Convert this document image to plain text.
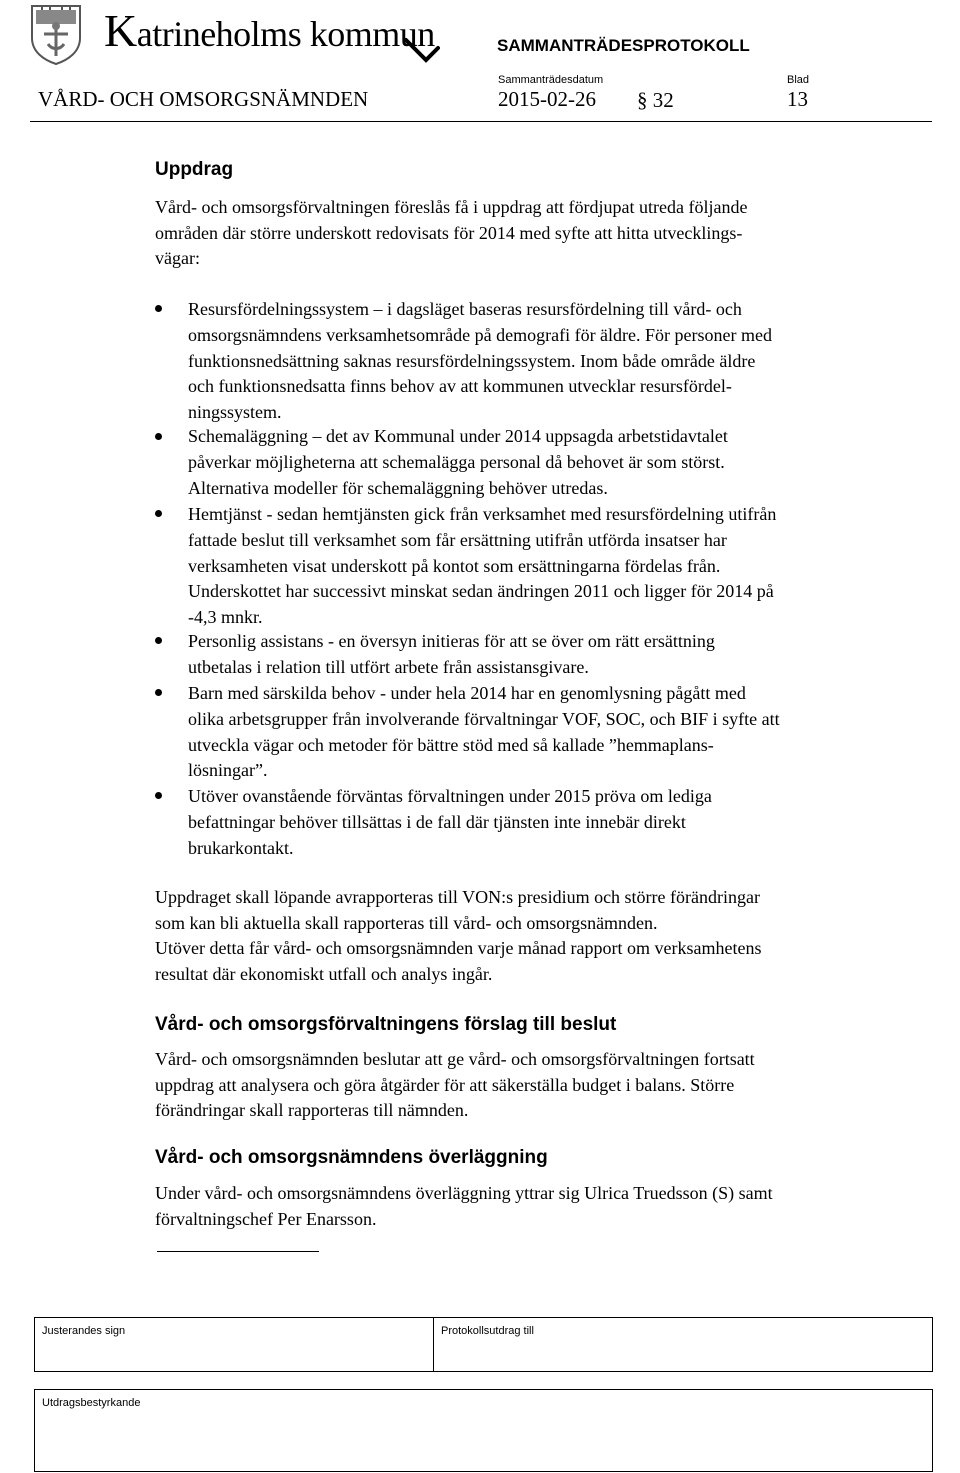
Katrineholms kommun	SAMMANTRÄDESPROTOKOLL
Sammanträdesdatum	Blad
VÅRD- OCH OMSORGSNÄMNDEN	2015-02-26 § 32	13
Uppdrag
Vård- och omsorgsförvaltningen föreslås få i uppdrag att fördjupat utreda följande
områden där större underskott redovisats för 2014 med syfte att hitta utvecklings-
vägar:
Resursfördelningssystem – i dagsläget baseras resursfördelning till vård- och
omsorgsnämndens verksamhetsområde på demografi för äldre. För personer med
funktionsnedsättning saknas resursfördelningssystem. Inom både område äldre
och funktionsnedsatta finns behov av att kommunen utvecklar resursfördel-
ningssystem.
Schemaläggning – det av Kommunal under 2014 uppsagda arbetstidavtalet
påverkar möjligheterna att schemalägga personal då behovet är som störst.
Alternativa modeller för schemaläggning behöver utredas.
Hemtjänst - sedan hemtjänsten gick från verksamhet med resursfördelning utifrån
fattade beslut till verksamhet som får ersättning utifrån utförda insatser har
verksamheten visat underskott på kontot som ersättningarna fördelas från.
Underskottet har successivt minskat sedan ändringen 2011 och ligger för 2014 på
-4,3 mnkr.
Personlig assistans - en översyn initieras för att se över om rätt ersättning
utbetalas i relation till utfört arbete från assistansgivare.
Barn med särskilda behov - under hela 2014 har en genomlysning pågått med
olika arbetsgrupper från involverande förvaltningar VOF, SOC, och BIF i syfte att
utveckla vägar och metoder för bättre stöd med så kallade ”hemmaplans-
lösningar”.
Utöver ovanstående förväntas förvaltningen under 2015 pröva om lediga
befattningar behöver tillsättas i de fall där tjänsten inte innebär direkt
brukarkontakt.
Uppdraget skall löpande avrapporteras till VON:s presidium och större förändringar
som kan bli aktuella skall rapporteras till vård- och omsorgsnämnden.
Utöver detta får vård- och omsorgsnämnden varje månad rapport om verksamhetens
resultat där ekonomiskt utfall och analys ingår.
Vård- och omsorgsförvaltningens förslag till beslut
Vård- och omsorgsnämnden beslutar att ge vård- och omsorgsförvaltningen fortsatt
uppdrag att analysera och göra åtgärder för att säkerställa budget i balans. Större
förändringar skall rapporteras till nämnden.
Vård- och omsorgsnämndens överläggning
Under vård- och omsorgsnämndens överläggning yttrar sig Ulrica Truedsson (S) samt
förvaltningschef Per Enarsson.
Justerandes sign	Protokollsutdrag till
Utdragsbestyrkande
